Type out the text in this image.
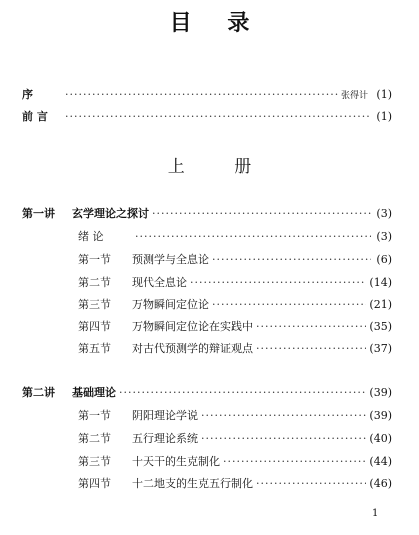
目 录
序 ·····	张得计 (1)
前 言 ·····	(1)
上 册
第一讲	玄学理论之探讨 ·····	(3)
绪 论 ·····	(3)
第一节	预测学与全息论 ·····	(6)
第二节	现代全息论 ·····	(14)
第三节	万物瞬间定位论 ·····	(21)
第四节	万物瞬间定位论在实践中 ·····	(35)
第五节	对古代预测学的辩证观点 ·····	(37)
第二讲	基础理论 ·····	(39)
第一节	阴阳理论学说 ·····	(39)
第二节	五行理论系统 ·····	(40)
第三节	十天干的生克制化 ·····	(44)
第四节	十二地支的生克五行制化 ·····	(46)
1
